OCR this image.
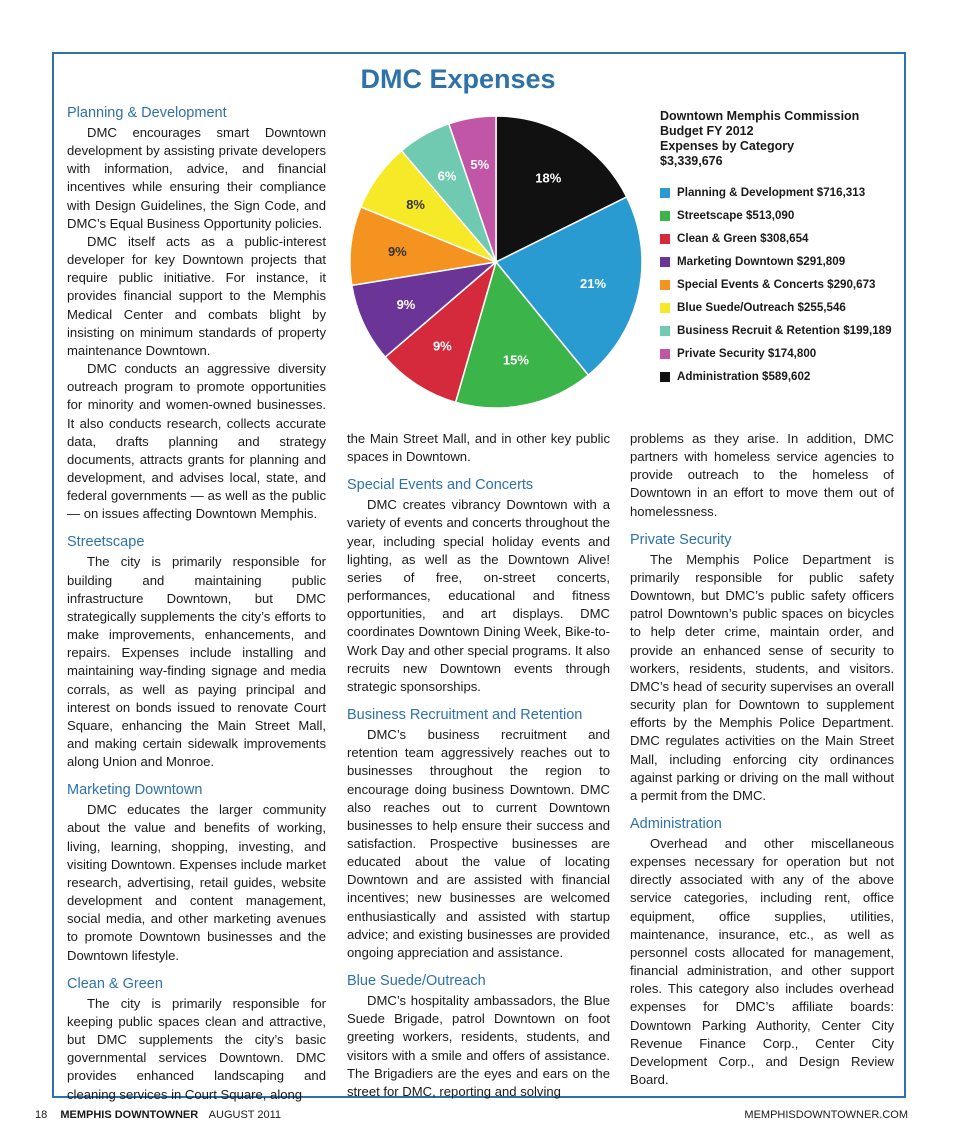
DMC Expenses
Planning & Development

DMC encourages smart Downtown development by assisting private developers with information, advice, and financial incentives while ensuring their compliance with Design Guidelines, the Sign Code, and DMC’s Equal Business Opportunity policies.

DMC itself acts as a public-interest developer for key Downtown projects that require public initiative. For instance, it provides financial support to the Memphis Medical Center and combats blight by insisting on minimum standards of property maintenance Downtown.

DMC conducts an aggressive diversity outreach program to promote opportunities for minority and women-owned businesses. It also conducts research, collects accurate data, drafts planning and strategy documents, attracts grants for planning and development, and advises local, state, and federal governments — as well as the public — on issues affecting Downtown Memphis.

Streetscape

The city is primarily responsible for building and maintaining public infrastructure Downtown, but DMC strategically supplements the city’s efforts to make improvements, enhancements, and repairs. Expenses include installing and maintaining way-finding signage and media corrals, as well as paying principal and interest on bonds issued to renovate Court Square, enhancing the Main Street Mall, and making certain sidewalk improvements along Union and Monroe.

Marketing Downtown

DMC educates the larger community about the value and benefits of working, living, learning, shopping, investing, and visiting Downtown. Expenses include market research, advertising, retail guides, website development and content management, social media, and other marketing avenues to promote Downtown businesses and the Downtown lifestyle.

Clean & Green

The city is primarily responsible for keeping public spaces clean and attractive, but DMC supplements the city’s basic governmental services Downtown. DMC provides enhanced landscaping and cleaning services in Court Square, along

the Main Street Mall, and in other key public spaces in Downtown.

Special Events and Concerts

DMC creates vibrancy Downtown with a variety of events and concerts throughout the year, including special holiday events and lighting, as well as the Downtown Alive! series of free, on-street concerts, performances, educational and fitness opportunities, and art displays. DMC coordinates Downtown Dining Week, Bike-to-Work Day and other special programs. It also recruits new Downtown events through strategic sponsorships.

Business Recruitment and Retention

DMC’s business recruitment and retention team aggressively reaches out to businesses throughout the region to encourage doing business Downtown. DMC also reaches out to current Downtown businesses to help ensure their success and satisfaction. Prospective businesses are educated about the value of locating Downtown and are assisted with financial incentives; new businesses are welcomed enthusiastically and assisted with startup advice; and existing businesses are provided ongoing appreciation and assistance.

Blue Suede/Outreach

DMC’s hospitality ambassadors, the Blue Suede Brigade, patrol Downtown on foot greeting workers, residents, students, and visitors with a smile and offers of assistance. The Brigadiers are the eyes and ears on the street for DMC, reporting and solving

problems as they arise. In addition, DMC partners with homeless service agencies to provide outreach to the homeless of Downtown in an effort to move them out of homelessness.

Private Security

The Memphis Police Department is primarily responsible for public safety Downtown, but DMC’s public safety officers patrol Downtown’s public spaces on bicycles to help deter crime, maintain order, and provide an enhanced sense of security to workers, residents, students, and visitors. DMC’s head of security supervises an overall security plan for Downtown to supplement efforts by the Memphis Police Department. DMC regulates activities on the Main Street Mall, including enforcing city ordinances against parking or driving on the mall without a permit from the DMC.

Administration

Overhead and other miscellaneous expenses necessary for operation but not directly associated with any of the above service categories, including rent, office equipment, office supplies, utilities, maintenance, insurance, etc., as well as personnel costs allocated for management, financial administration, and other support roles. This category also includes overhead expenses for DMC’s affiliate boards: Downtown Parking Authority, Center City Revenue Finance Corp., Center City Development Corp., and Design Review Board.

18%
21%
15%
9%
9%
9%
8%
6%
5%

Downtown Memphis Commission

Budget FY 2012

Expenses by Category

$3,339,676

Planning & Development $716,313
Streetscape $513,090
Clean & Green $308,654
Marketing Downtown $291,809
Special Events & Concerts $290,673
Blue Suede/Outreach $255,546
Business Recruit & Retention $199,189
Private Security $174,800
Administration $589,602
18 MEMPHIS DOWNTOWNER AUGUST 2011	MEMPHISDOWNTOWNER.COM
